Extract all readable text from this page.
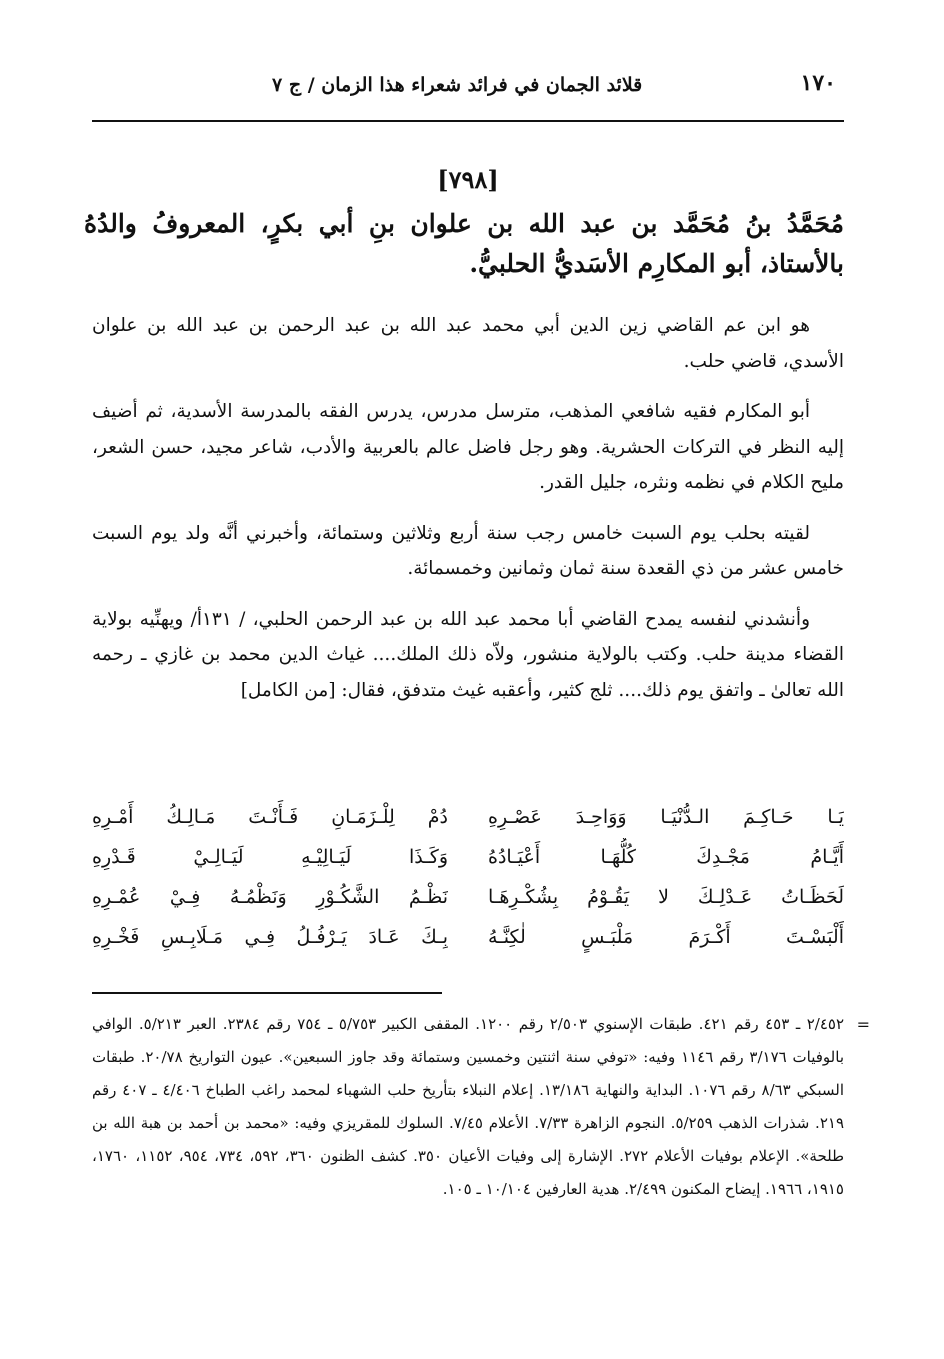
١٧٠
قلائد الجمان في فرائد شعراء هذا الزمان / ج ٧
[٧٩٨]
مُحَمَّدُ بنُ مُحَمَّد بن عبد الله بن علوان بنِ أبي بكرٍ، المعروفُ والدُهُ بالأستاذ، أبو المكارِم الأسَديُّ الحلبيُّ.

هو ابن عم القاضي زين الدين أبي محمد عبد الله بن عبد الرحمن بن عبد الله بن علوان الأسدي، قاضي حلب.

أبو المكارم فقيه شافعي المذهب، مترسل مدرس، يدرس الفقه بالمدرسة الأسدية، ثم أضيف إليه النظر في التركات الحشرية. وهو رجل فاضل عالم بالعربية والأدب، شاعر مجيد، حسن الشعر، مليح الكلام في نظمه ونثره، جليل القدر.

لقيته بحلب يوم السبت خامس رجب سنة أربع وثلاثين وستمائة، وأخبرني أنَّه ولد يوم السبت خامس عشر من ذي القعدة سنة ثمان وثمانين وخمسمائة.

وأنشدني لنفسه يمدح القاضي أبا محمد عبد الله بن عبد الرحمن الحلبي، / ١٣١أ/ ويهنِّيه بولاية القضاء مدينة حلب. وكتب بالولاية منشور، ولاّه ذلك الملك.... غياث الدين محمد بن غازي ـ رحمه الله تعالىٰ ـ واتفق يوم ذلك.... ثلج كثير، وأعقبه غيث متدفق، فقال: [من الكامل]

يَـا حَـاكِـمَ الـدُّنْيَـا وَوَاحِـدَ عَصْـرِهِ
دُمْ لِلْـزَمَـانِ فَـأَنْـتَ مَـالِـكُ أَمْـرِهِ
أَيَّـامُ مَجْـدِكَ كُلُّهَـا أَعْيَـادُهُ
وَكَـذَا لَيَـالِيْـهِ لَيَـالِـيْ قَـدْرِهِ
لَحَظَـاتُ عَـدْلِـكَ لا يَقُـوْمُ بِشُكْـرِهَـا
نَظْـمُ الشَّكُـوْرِ وَنَظْمُـهُ فِـيْ عُمْـرِهِ
أَلْبَسْـتَ أَكْـرَمَ مَلْبَـسٍ لٰكِنَّـهُ
بِـكَ عَـادَ يَـرْفُـلُ فِـي مَـلَابِـسِ فَخْـرِهِ
=
٢/٤٥٢ ـ ٤٥٣ رقم ٤٢١. طبقات الإسنوي ٢/٥٠٣ رقم ١٢٠٠. المقفى الكبير ٥/٧٥٣ ـ ٧٥٤ رقم ٢٣٨٤. العبر ٥/٢١٣. الوافي بالوفيات ٣/١٧٦ رقم ١١٤٦ وفيه: «توفي سنة اثنتين وخمسين وستمائة وقد جاوز السبعين». عيون التواريخ ٢٠/٧٨. طبقات السبكي ٨/٦٣ رقم ١٠٧٦. البداية والنهاية ١٣/١٨٦. إعلام النبلاء بتأريخ حلب الشهباء لمحمد راغب الطباخ ٤/٤٠٦ ـ ٤٠٧ رقم ٢١٩. شذرات الذهب ٥/٢٥٩. النجوم الزاهرة ٧/٣٣. الأعلام ٧/٤٥. السلوك للمقريزي وفيه: «محمد بن أحمد بن هبة الله بن طلحة». الإعلام بوفيات الأعلام ٢٧٢. الإشارة إلى وفيات الأعيان ٣٥٠. كشف الظنون ٣٦٠، ٥٩٢، ٧٣٤، ٩٥٤، ١١٥٢، ١٧٦٠، ١٩١٥، ١٩٦٦. إيضاح المكنون ٢/٤٩٩. هدية العارفين ١٠/١٠٤ ـ ١٠٥.
